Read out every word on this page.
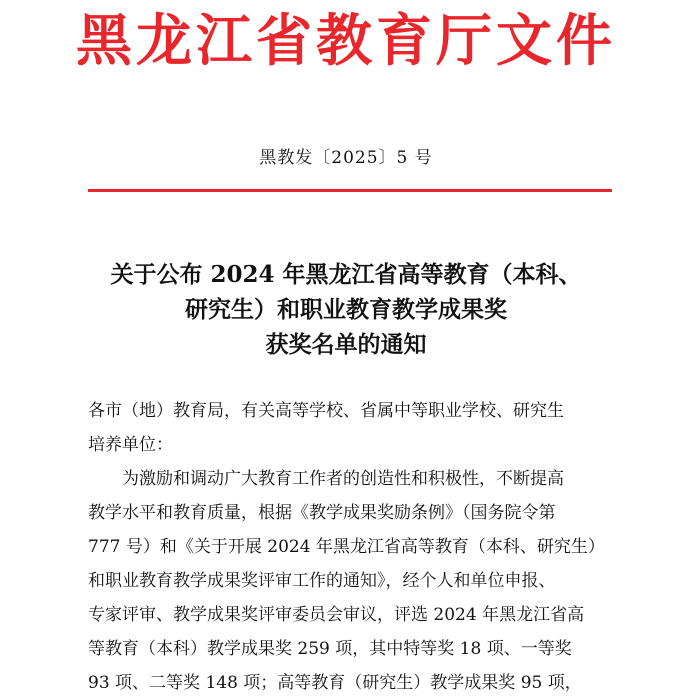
黑龙江省教育厅文件
黑教发〔2025〕5 号
关于公布 2024 年黑龙江省高等教育（本科、
研究生）和职业教育教学成果奖
获奖名单的通知
各市（地）教育局，有关高等学校、省属中等职业学校、研究生
培养单位：
为激励和调动广大教育工作者的创造性和积极性，不断提高
教学水平和教育质量，根据《教学成果奖励条例》（国务院令第
777 号）和《关于开展 2024 年黑龙江省高等教育（本科、研究生）
和职业教育教学成果奖评审工作的通知》，经个人和单位申报、
专家评审、教学成果奖评审委员会审议，评选 2024 年黑龙江省高
等教育（本科）教学成果奖 259 项，其中特等奖 18 项、一等奖
93 项、二等奖 148 项；高等教育（研究生）教学成果奖 95 项，
